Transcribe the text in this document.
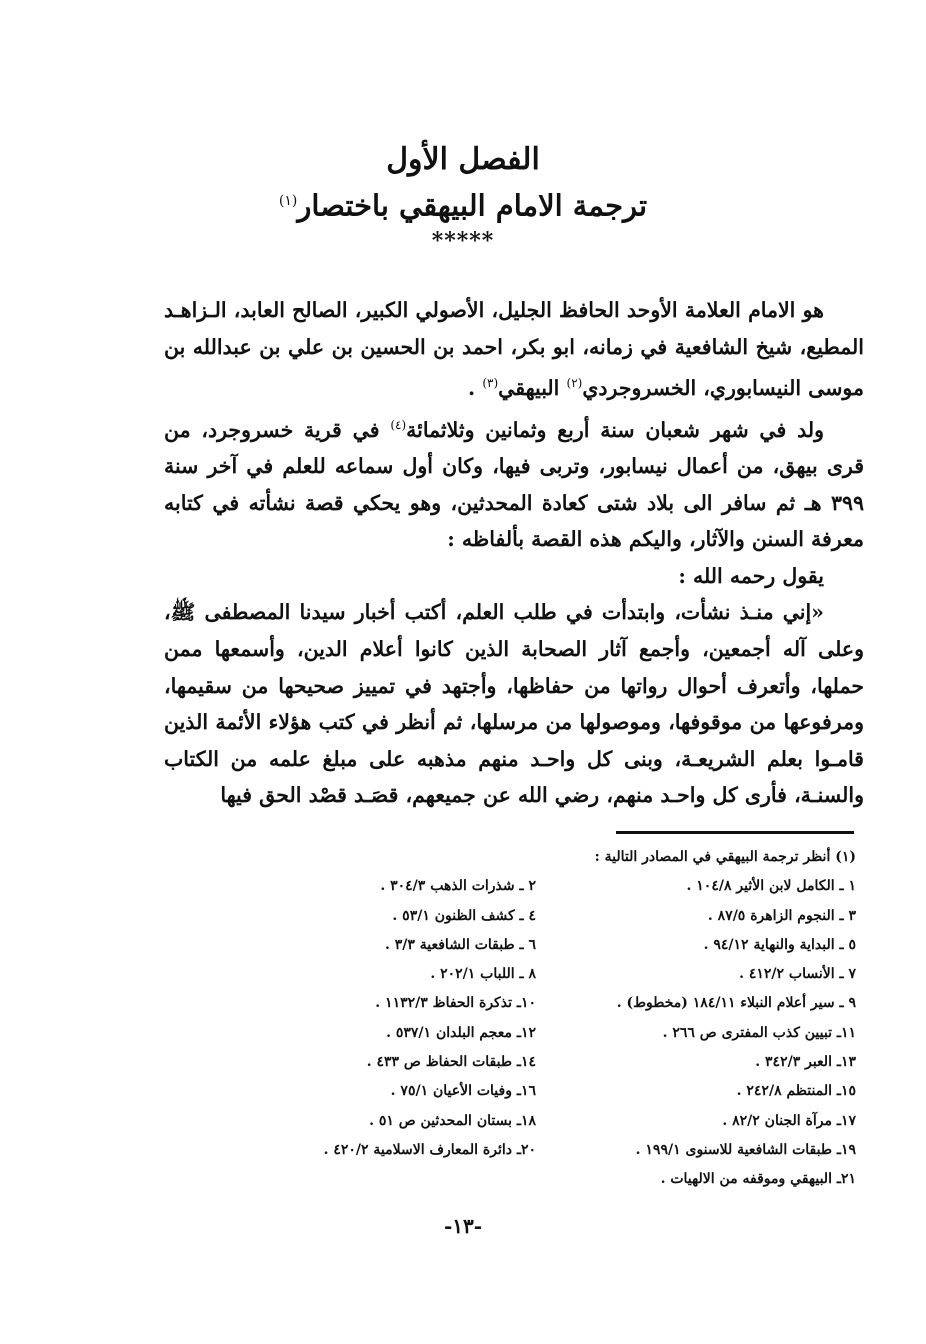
الفصل الأول
ترجمة الامام البيهقي باختصار$^{(١)}$
*****

هو الامام العلامة الأوحد الحافظ الجليل، الأصولي الكبير، الصالح العابد، الـزاهـد المطيع، شيخ الشافعية في زمانه، ابو بكر، احمد بن الحسين بن علي بن عبدالله بن موسى النيسابوري، الخسروجردي$^{(٢)}$ البيهقي$^{(٣)}$ .

ولد في شهر شعبان سنة أربع وثمانين وثلاثمائة$^{(٤)}$ في قرية خسروجرد، من قرى بيهق، من أعمال نيسابور، وتربى فيها، وكان أول سماعه للعلم في آخر سنة ٣٩٩ هـ ثم سافر الى بلاد شتى كعادة المحدثين، وهو يحكي قصة نشأته في كتابه معرفة السنن والآثار، واليكم هذه القصة بألفاظه :

يقول رحمه الله :

«إني منـذ نشأت، وابتدأت في طلب العلم، أكتب أخبار سيدنا المصطفى ﷺ، وعلى آله أجمعين، وأجمع آثار الصحابة الذين كانوا أعلام الدين، وأسمعها ممن حملها، وأتعرف أحوال رواتها من حفاظها، وأجتهد في تمييز صحيحها من سقيمها، ومرفوعها من موقوفها، وموصولها من مرسلها، ثم أنظر في كتب هؤلاء الأئمة الذين قامـوا بعلم الشريعـة، وبنى كل واحـد منهم مذهبه على مبلغ علمه من الكتاب والسنـة، فأرى كل واحـد منهم، رضي الله عن جميعهم، قصَـد قصْد الحق فيها

(١) أنظر ترجمة البيهقي في المصادر التالية :

١ ـ الكامل لابن الأثير ١٠٤/٨ .
٢ ـ شذرات الذهب ٣٠٤/٣ .
٣ ـ النجوم الزاهرة ٨٧/٥ .
٤ ـ كشف الظنون ٥٣/١ .
٥ ـ البداية والنهاية ٩٤/١٢ .
٦ ـ طبقات الشافعية ٣/٣ .
٧ ـ الأنساب ٤١٢/٢ .
٨ ـ اللباب ٢٠٢/١ .
٩ ـ سير أعلام النبلاء ١٨٤/١١ (مخطوط) .
١٠ـ تذكرة الحفاظ ١١٣٢/٣ .
١١ـ تبيين كذب المفترى ص ٢٦٦ .
١٢ـ معجم البلدان ٥٣٧/١ .
١٣ـ العبر ٣٤٢/٣ .
١٤ـ طبقات الحفاظ ص ٤٣٣ .
١٥ـ المنتظم ٢٤٢/٨ .
١٦ـ وفيات الأعيان ٧٥/١ .
١٧ـ مرآة الجنان ٨٢/٢ .
١٨ـ بستان المحدثين ص ٥١ .
١٩ـ طبقات الشافعية للاسنوى ١٩٩/١ .
٢٠ـ دائرة المعارف الاسلامية ٤٢٠/٢ .
٢١ـ البيهقي وموقفه من الالهيات .
-١٣-
